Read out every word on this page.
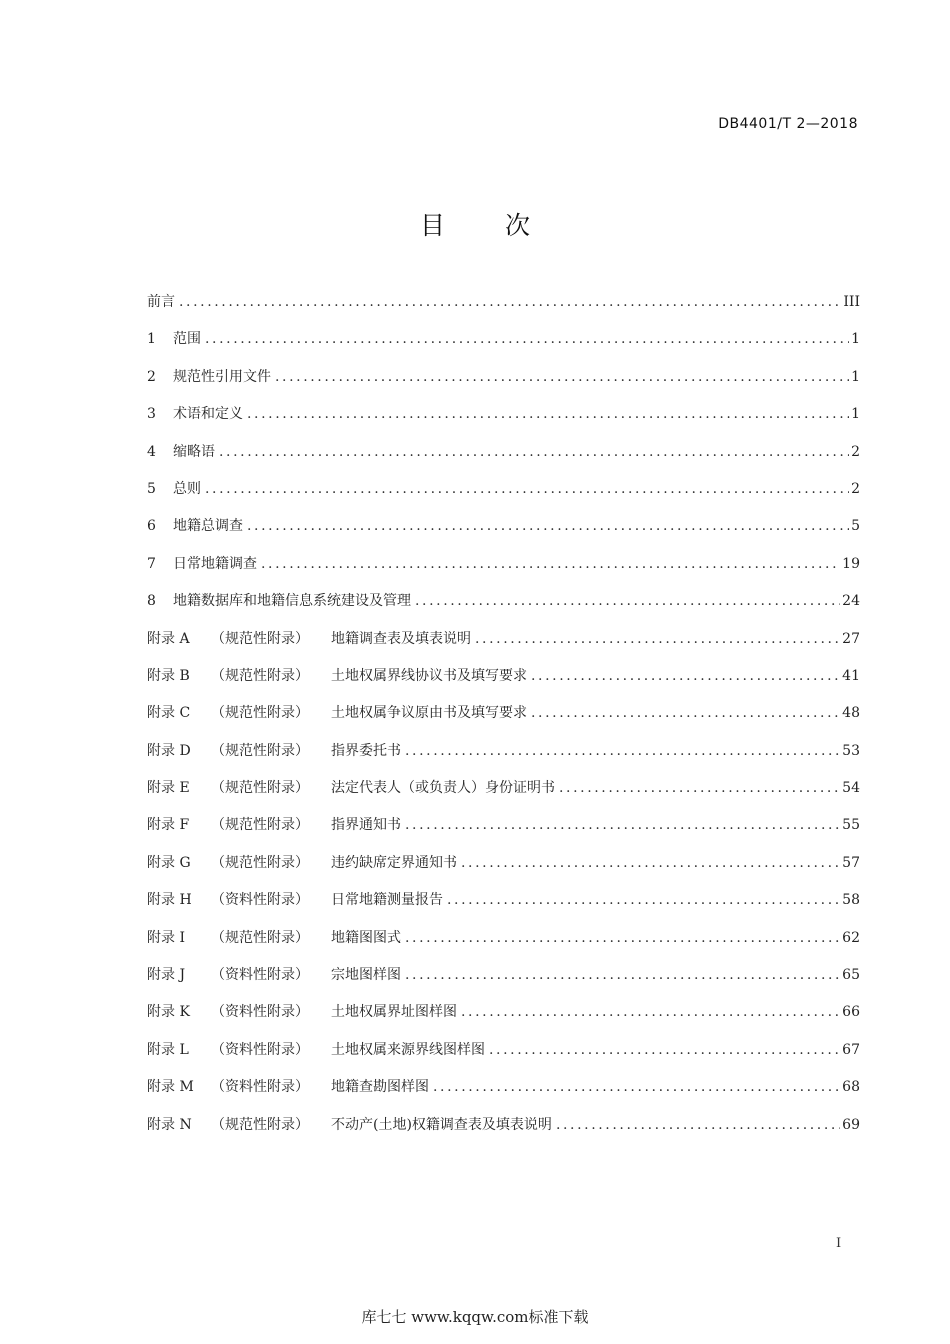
DB4401/T 2—2018
目 次
前言 .....	III
1 范围 .....	1
2 规范性引用文件 .....	1
3 术语和定义 .....	1
4 缩略语 .....	2
5 总则 .....	2
6 地籍总调查 .....	5
7 日常地籍调查 .....	19
8 地籍数据库和地籍信息系统建设及管理 .....	24
附录 A （规范性附录） 地籍调查表及填表说明 .....	27
附录 B （规范性附录） 土地权属界线协议书及填写要求 .....	41
附录 C （规范性附录） 土地权属争议原由书及填写要求 .....	48
附录 D （规范性附录） 指界委托书 .....	53
附录 E （规范性附录） 法定代表人（或负责人）身份证明书 .....	54
附录 F （规范性附录） 指界通知书 .....	55
附录 G （规范性附录） 违约缺席定界通知书 .....	57
附录 H （资料性附录） 日常地籍测量报告 .....	58
附录 I （规范性附录） 地籍图图式 .....	62
附录 J （资料性附录） 宗地图样图 .....	65
附录 K （资料性附录） 土地权属界址图样图 .....	66
附录 L （资料性附录） 土地权属来源界线图样图 .....	67
附录 M （资料性附录） 地籍查勘图样图 .....	68
附录 N （规范性附录） 不动产(土地)权籍调查表及填表说明 .....	69
I
库七七 www.kqqw.com标准下载
